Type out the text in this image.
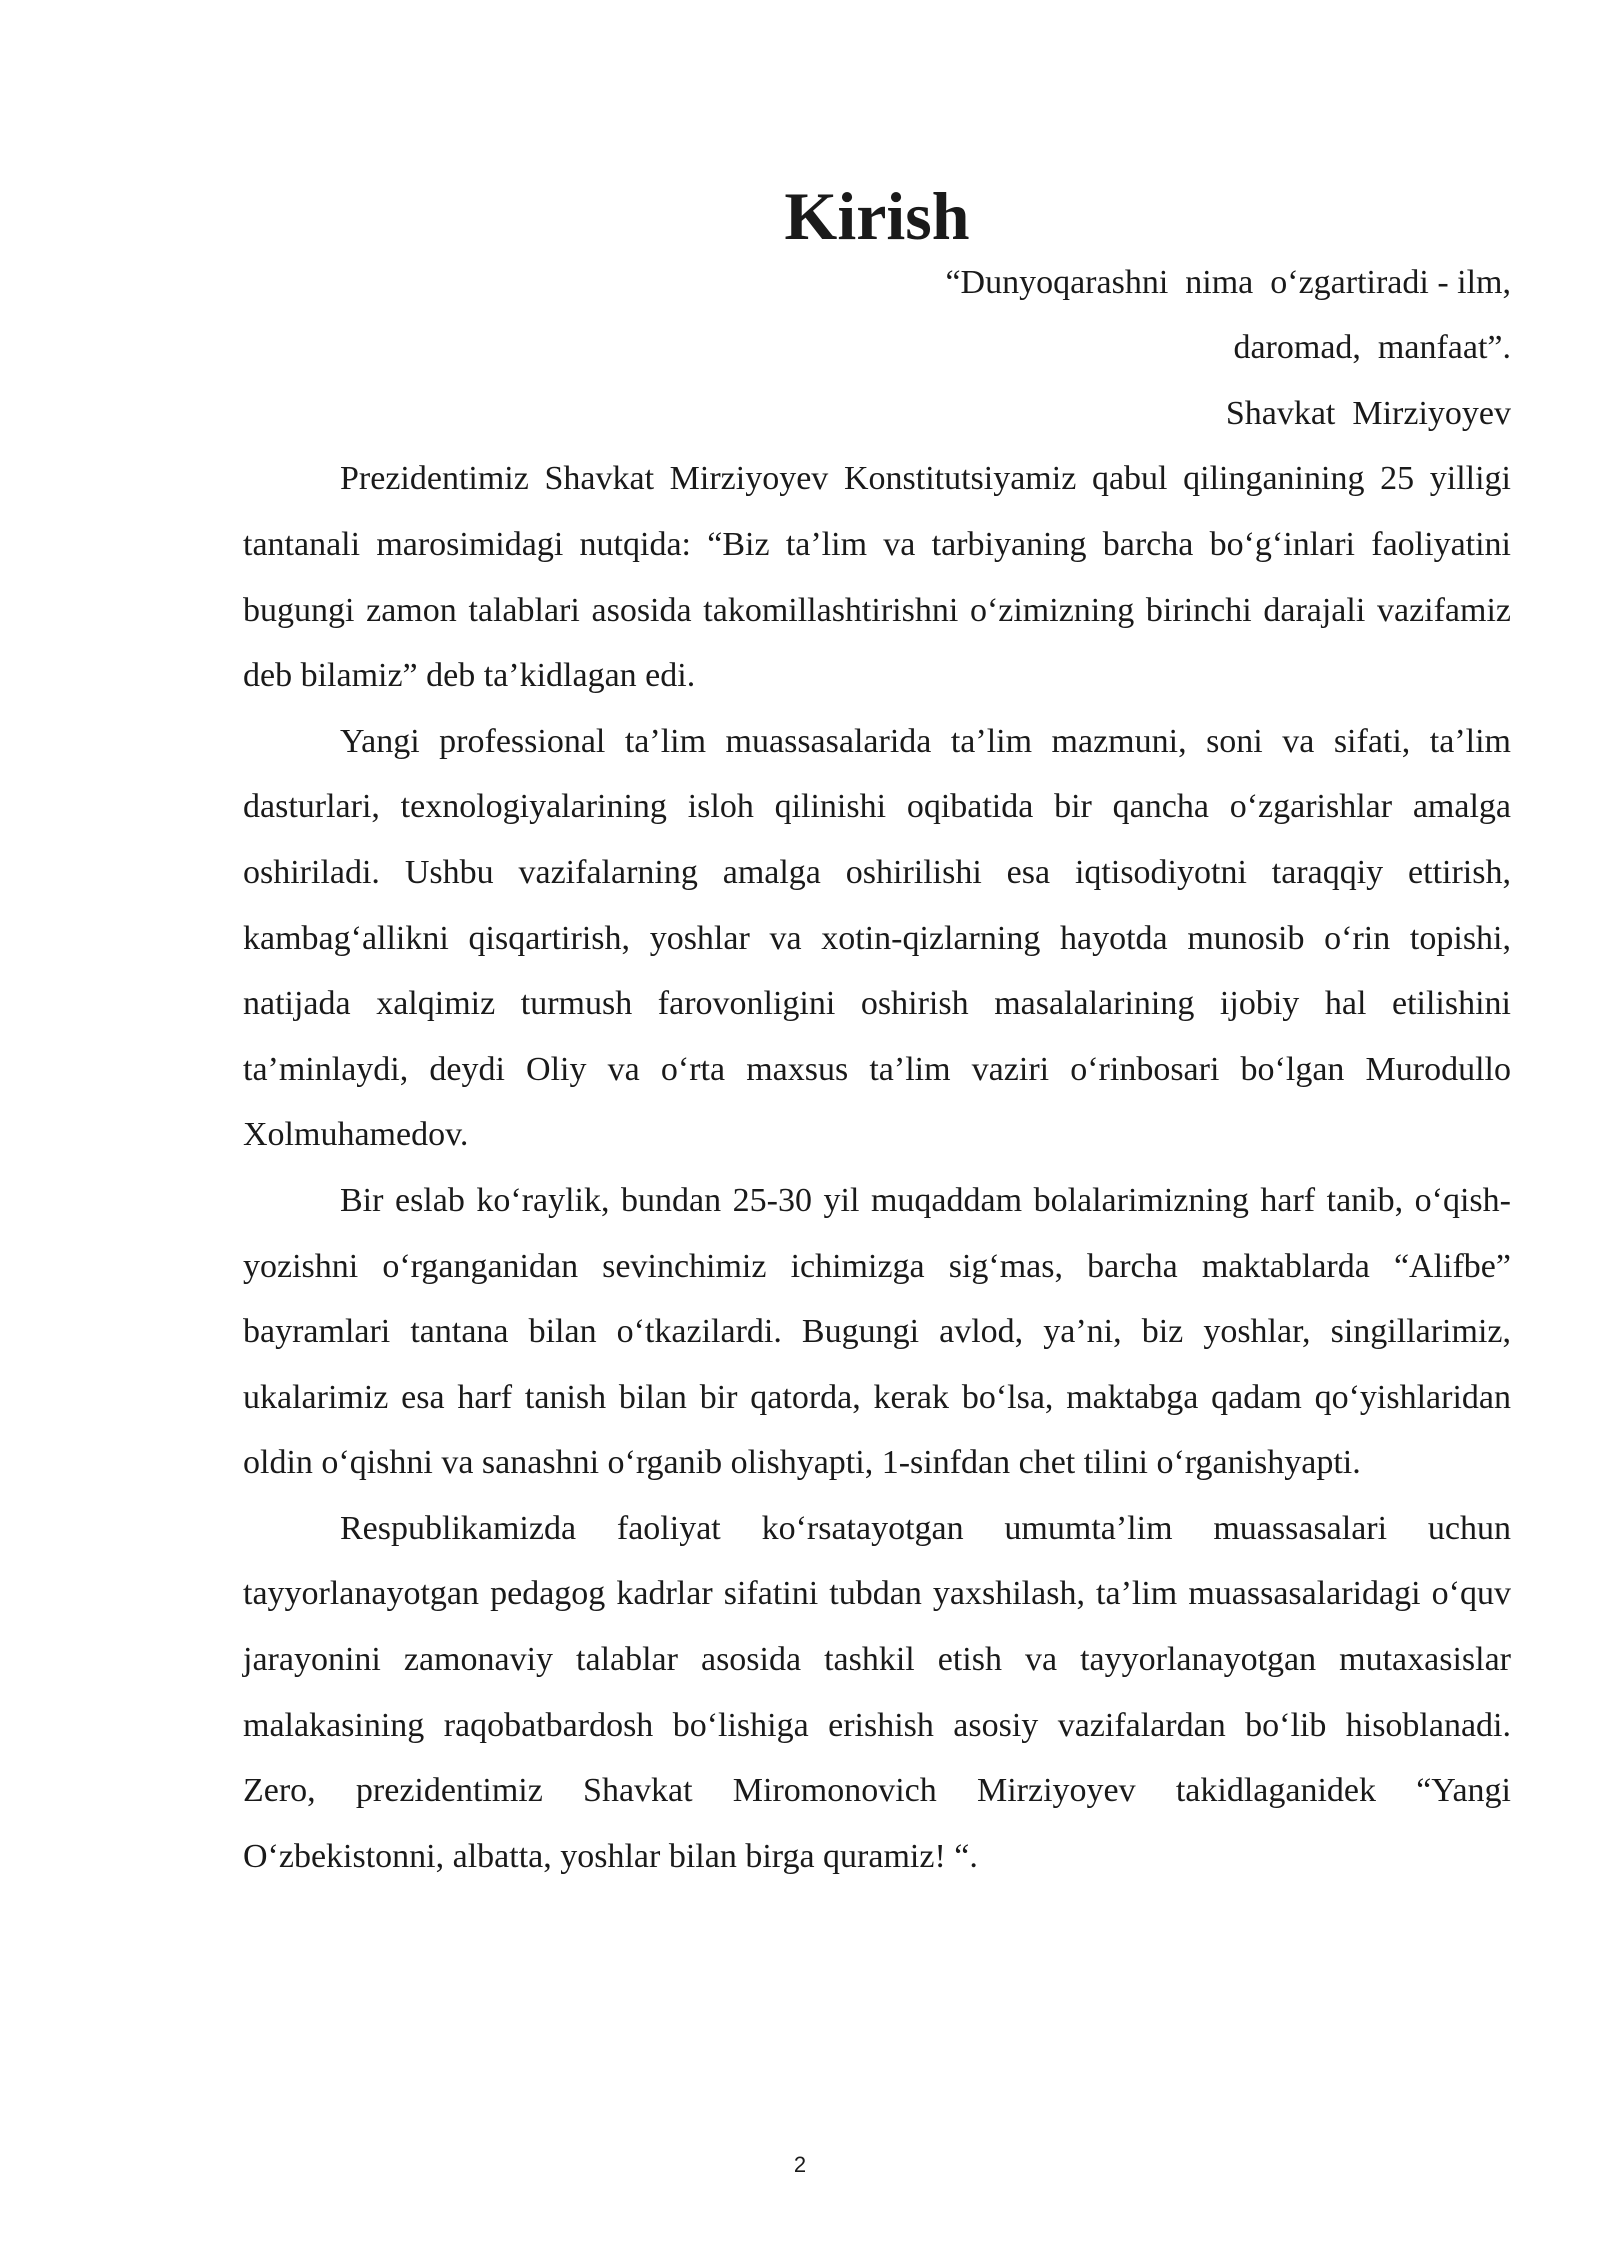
Kirish

“Dunyoqarashni  nima  o‘zgartiradi - ilm,

daromad,  manfaat”.

Shavkat  Mirziyoyev

Prezidentimiz Shavkat Mirziyoyev Konstitutsiyamiz qabul qilinganining 25 yilligi tantanali marosimidagi nutqida: “Biz ta’lim va tarbiyaning barcha bo‘g‘inlari faoliyatini bugungi zamon talablari asosida takomillashtirishni o‘zimizning birinchi darajali vazifamiz deb bilamiz” deb ta’kidlagan edi.

Yangi professional ta’lim muassasalarida ta’lim mazmuni, soni va sifati, ta’lim dasturlari, texnologiyalarining isloh qilinishi oqibatida bir qancha o‘zgarishlar amalga oshiriladi. Ushbu vazifalarning amalga oshirilishi esa iqtisodiyotni taraqqiy ettirish, kambag‘allikni qisqartirish, yoshlar va xotin-qizlarning hayotda munosib o‘rin topishi, natijada xalqimiz turmush farovonligini oshirish masalalarining ijobiy hal etilishini ta’minlaydi, deydi Oliy va o‘rta maxsus ta’lim vaziri o‘rinbosari bo‘lgan Murodullo Xolmuhamedov.

Bir eslab ko‘raylik, bundan 25-30 yil muqaddam bolalarimizning harf tanib, o‘qish-yozishni o‘rganganidan sevinchimiz ichimizga sig‘mas, barcha maktablarda “Alifbe” bayramlari tantana bilan o‘tkazilardi. Bugungi avlod, ya’ni, biz yoshlar, singillarimiz, ukalarimiz esa harf tanish bilan bir qatorda, kerak bo‘lsa, maktabga qadam qo‘yishlaridan oldin o‘qishni va sanashni o‘rganib olishyapti, 1-sinfdan chet tilini o‘rganishyapti.

Respublikamizda faoliyat ko‘rsatayotgan umumta’lim muassasalari uchun tayyorlanayotgan pedagog kadrlar sifatini tubdan yaxshilash, ta’lim muassasalaridagi o‘quv jarayonini zamonaviy talablar asosida tashkil etish va tayyorlanayotgan mutaxasislar malakasining raqobatbardosh bo‘lishiga erishish asosiy vazifalardan bo‘lib hisoblanadi. Zero, prezidentimiz Shavkat Miromonovich Mirziyoyev takidlaganidek “Yangi O‘zbekistonni, albatta, yoshlar bilan birga quramiz! “.

2
